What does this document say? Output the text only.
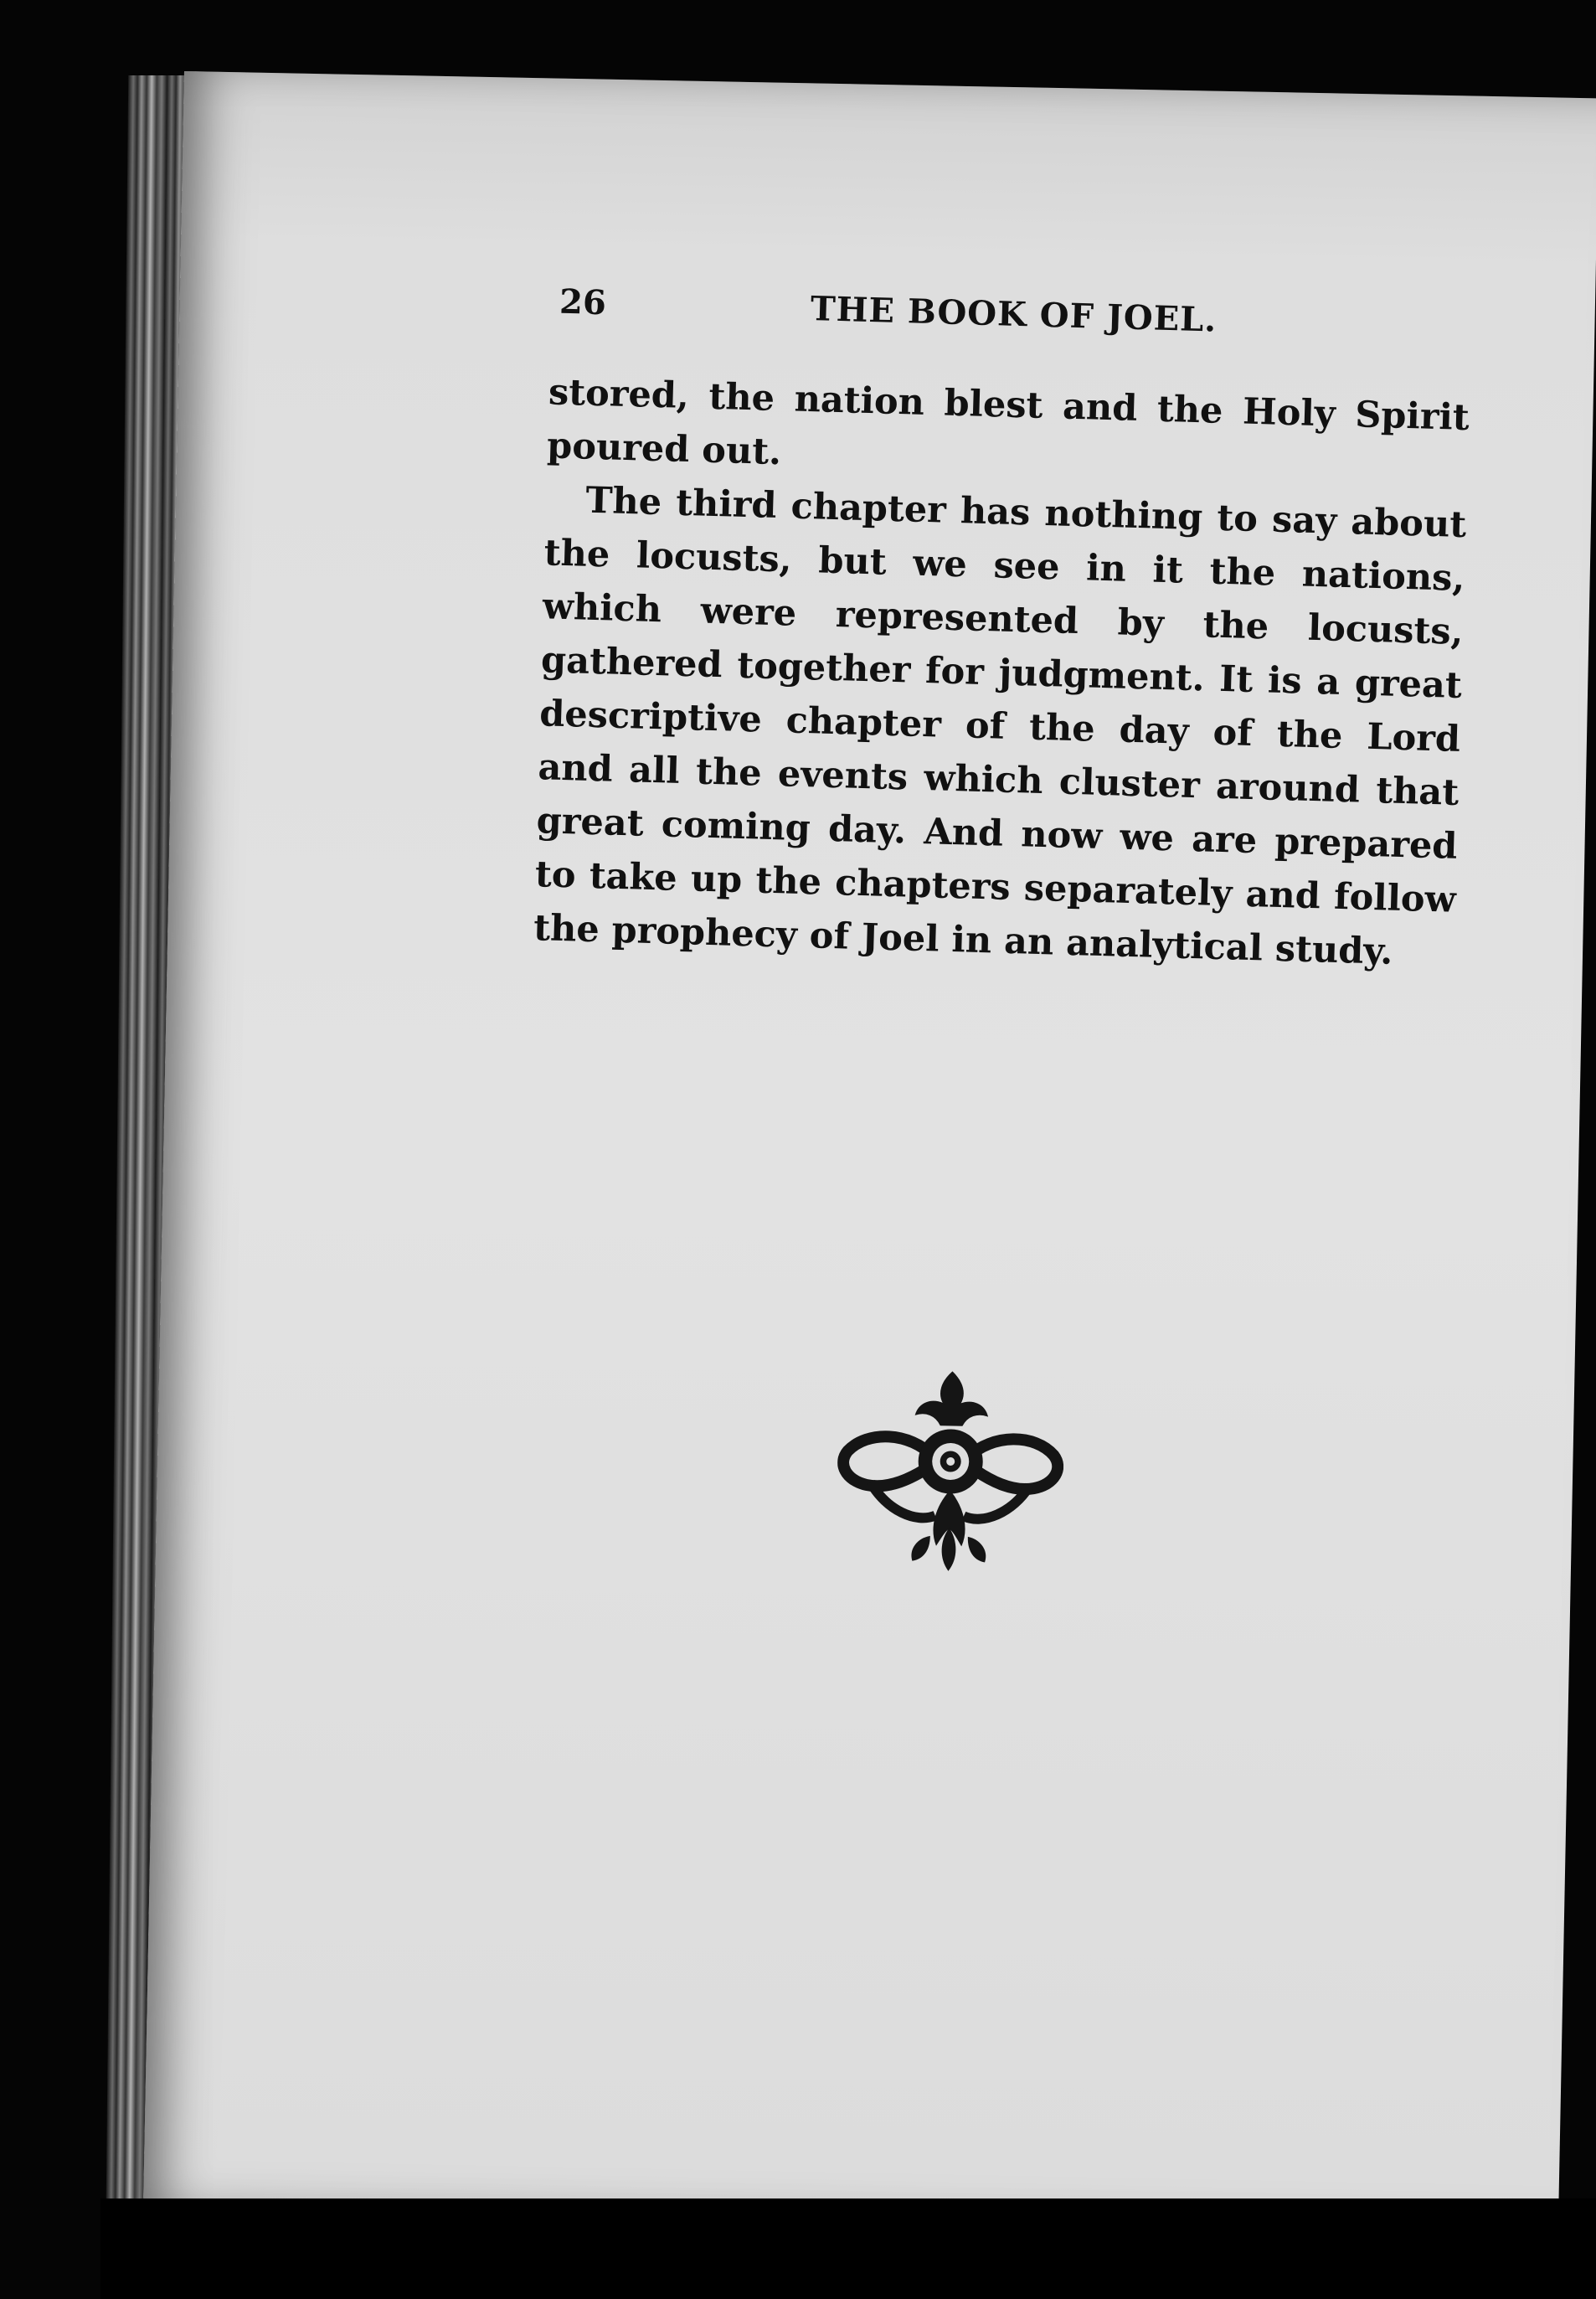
26	THE BOOK OF JOEL.

stored, the nation blest and the Holy Spirit poured out.

The third chapter has nothing to say about the locusts, but we see in it the nations, which were represented by the locusts, gathered together for judgment. It is a great descriptive chapter of the day of the Lord and all the events which cluster around that great coming day. And now we are prepared to take up the chapters separately and follow the prophecy of Joel in an analytical study.
